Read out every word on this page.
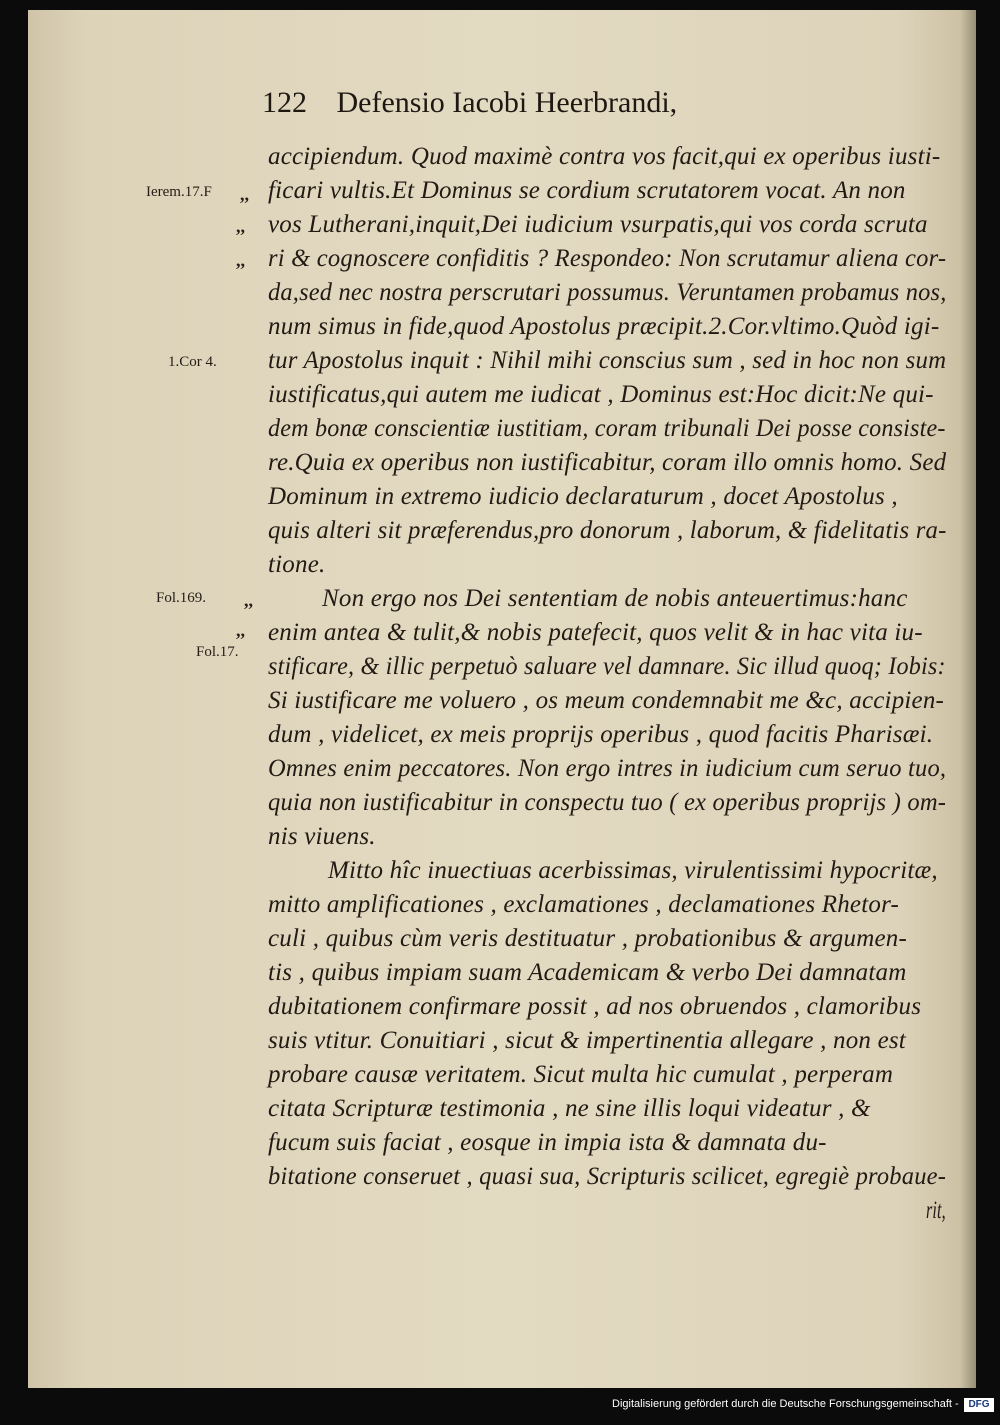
122 Defensio Iacobi Heerbrandi,
Ierem.17.F
1.Cor 4.
Fol.169.
Fol.17.
,,
,,
,,
,,
,,
accipiendum. Quod maximè contra vos facit,qui ex operibus iusti-
ficari vultis.Et Dominus se cordium scrutatorem vocat. An non
vos Lutherani,inquit,Dei iudicium vsurpatis,qui vos corda scruta
ri & cognoscere confiditis ? Respondeo: Non scrutamur aliena cor-
da,sed nec nostra perscrutari possumus. Veruntamen probamus nos,
num simus in fide,quod Apostolus præcipit.2.Cor.vltimo.Quòd igi-
tur Apostolus inquit : Nihil mihi conscius sum , sed in hoc non sum
iustificatus,qui autem me iudicat , Dominus est:Hoc dicit:Ne qui-
dem bonæ conscientiæ iustitiam, coram tribunali Dei posse consiste-
re.Quia ex operibus non iustificabitur, coram illo omnis homo. Sed
Dominum in extremo iudicio declaraturum , docet Apostolus ,
quis alteri sit præferendus,pro donorum , laborum, & fidelitatis ra-
tione.
Non ergo nos Dei sententiam de nobis anteuertimus:hanc
enim antea & tulit,& nobis patefecit, quos velit & in hac vita iu-
stificare, & illic perpetuò saluare vel damnare. Sic illud quoq; Iobis:
Si iustificare me voluero , os meum condemnabit me &c, accipien-
dum , videlicet, ex meis proprijs operibus , quod facitis Pharisæi.
Omnes enim peccatores. Non ergo intres in iudicium cum seruo tuo,
quia non iustificabitur in conspectu tuo ( ex operibus proprijs ) om-
nis viuens.
Mitto hîc inuectiuas acerbissimas, virulentissimi hypocritæ,
mitto amplificationes , exclamationes , declamationes Rhetor-
culi , quibus cùm veris destituatur , probationibus & argumen-
tis , quibus impiam suam Academicam & verbo Dei damnatam
dubitationem confirmare possit , ad nos obruendos , clamoribus
suis vtitur. Conuitiari , sicut & impertinentia allegare , non est
probare causæ veritatem. Sicut multa hic cumulat , perperam
citata Scripturæ testimonia , ne sine illis loqui videatur , &
fucum suis faciat , eosque in impia ista & damnata du-
bitatione conseruet , quasi sua, Scripturis scilicet, egregiè probaue-
rit,
Digitalisierung gefördert durch die Deutsche Forschungsgemeinschaft - DFG
